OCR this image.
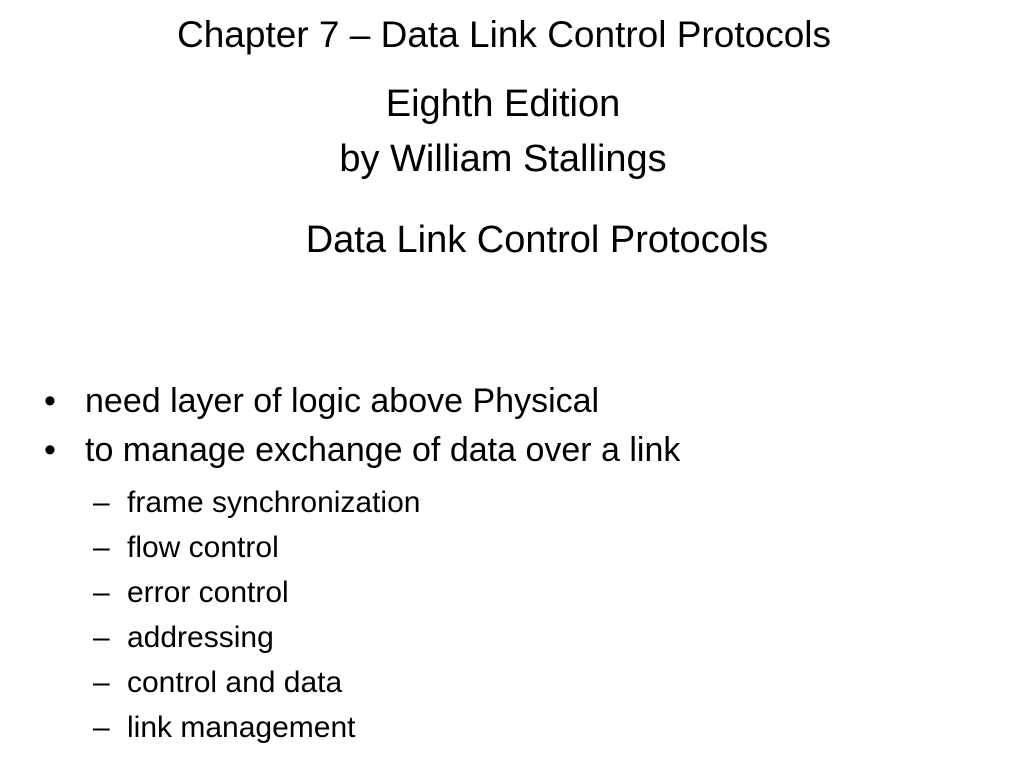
Chapter 7 – Data Link Control Protocols
Eighth Edition
by William Stallings
Data Link Control Protocols
• need layer of logic above Physical
• to manage exchange of data over a link
– frame synchronization
– flow control
– error control
– addressing
– control and data
– link management
